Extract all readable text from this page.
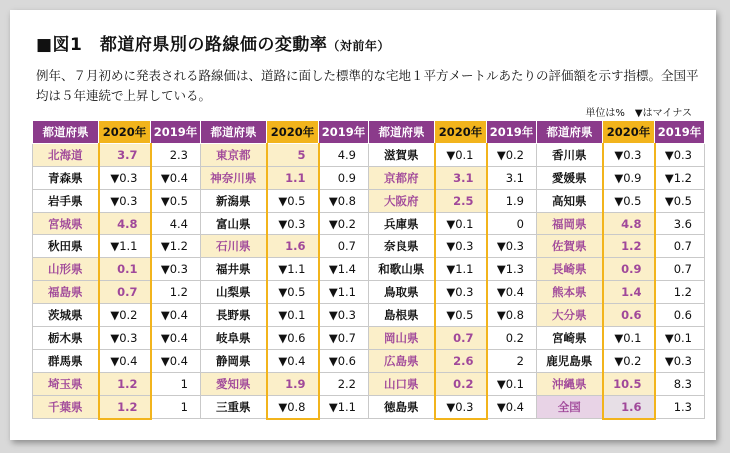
■図1　都道府県別の路線価の変動率（対前年）
例年、７月初めに発表される路線価は、道路に面した標準的な宅地１平方メートルあたりの評価額を示す指標。全国平均は５年連続で上昇している。
単位は%　▼はマイナス
都道府県	2020年	2019年	都道府県	2020年	2019年	都道府県	2020年	2019年	都道府県	2020年	2019年
北海道	3.7	2.3	東京都	5	4.9	滋賀県	▼0.1	▼0.2	香川県	▼0.3	▼0.3
青森県	▼0.3	▼0.4	神奈川県	1.1	0.9	京都府	3.1	3.1	愛媛県	▼0.9	▼1.2
岩手県	▼0.3	▼0.5	新潟県	▼0.5	▼0.8	大阪府	2.5	1.9	高知県	▼0.5	▼0.5
宮城県	4.8	4.4	富山県	▼0.3	▼0.2	兵庫県	▼0.1	0	福岡県	4.8	3.6
秋田県	▼1.1	▼1.2	石川県	1.6	0.7	奈良県	▼0.3	▼0.3	佐賀県	1.2	0.7
山形県	0.1	▼0.3	福井県	▼1.1	▼1.4	和歌山県	▼1.1	▼1.3	長崎県	0.9	0.7
福島県	0.7	1.2	山梨県	▼0.5	▼1.1	鳥取県	▼0.3	▼0.4	熊本県	1.4	1.2
茨城県	▼0.2	▼0.4	長野県	▼0.1	▼0.3	島根県	▼0.5	▼0.8	大分県	0.6	0.6
栃木県	▼0.3	▼0.4	岐阜県	▼0.6	▼0.7	岡山県	0.7	0.2	宮崎県	▼0.1	▼0.1
群馬県	▼0.4	▼0.4	静岡県	▼0.4	▼0.6	広島県	2.6	2	鹿児島県	▼0.2	▼0.3
埼玉県	1.2	1	愛知県	1.9	2.2	山口県	0.2	▼0.1	沖縄県	10.5	8.3
千葉県	1.2	1	三重県	▼0.8	▼1.1	徳島県	▼0.3	▼0.4	全国	1.6	1.3
